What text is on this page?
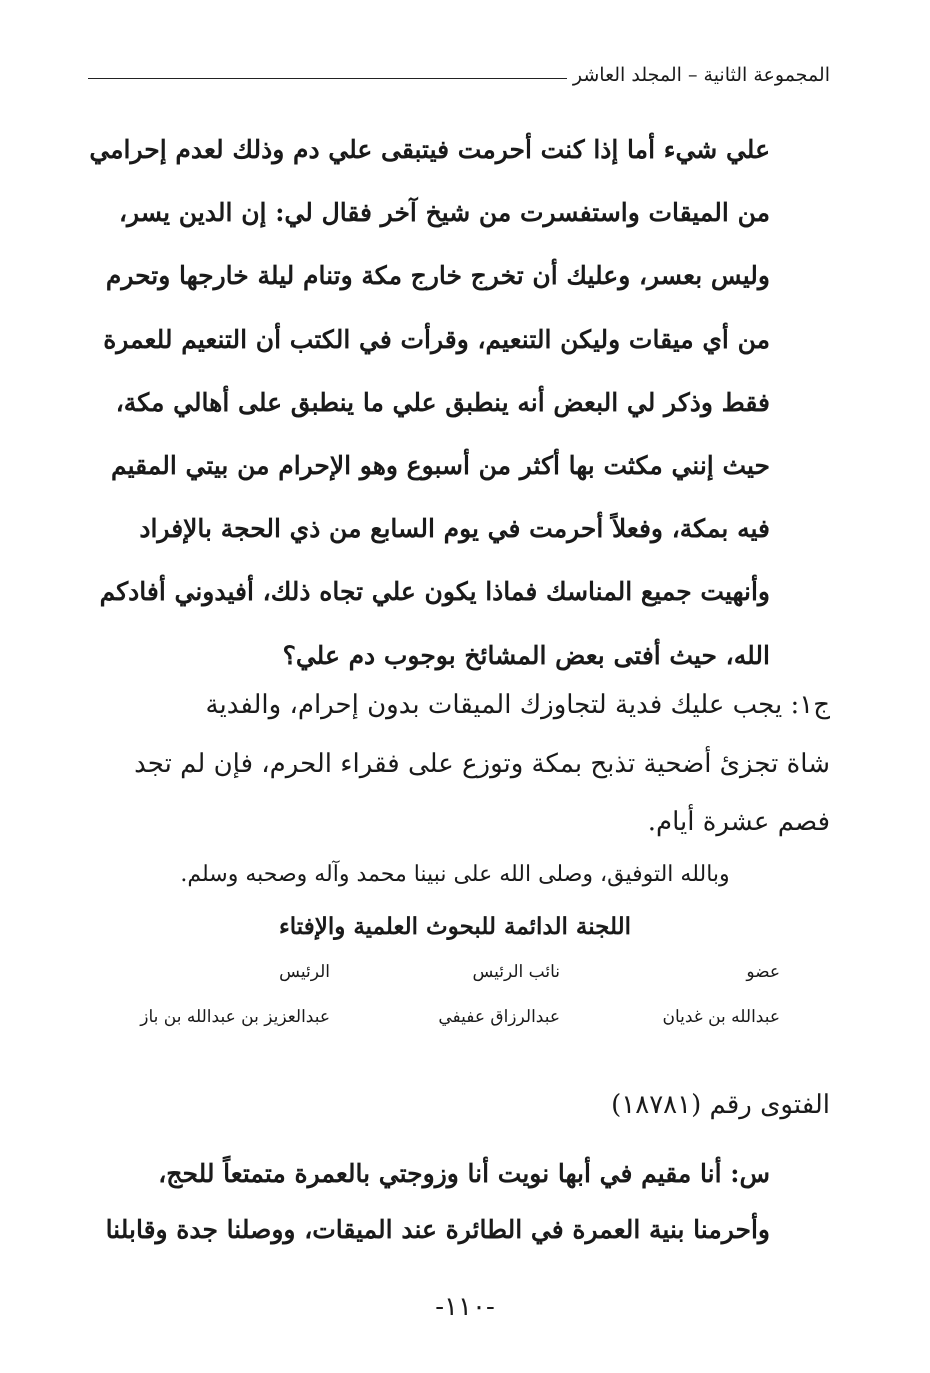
المجموعة الثانية – المجلد العاشر

علي شيء أما إذا كنت أحرمت فيتبقى علي دم وذلك لعدم إحرامي

من الميقات واستفسرت من شيخ آخر فقال لي: إن الدين يسر،

وليس بعسر، وعليك أن تخرج خارج مكة وتنام ليلة خارجها وتحرم

من أي ميقات وليكن التنعيم، وقرأت في الكتب أن التنعيم للعمرة

فقط وذكر لي البعض أنه ينطبق علي ما ينطبق على أهالي مكة،

حيث إنني مكثت بها أكثر من أسبوع وهو الإحرام من بيتي المقيم

فيه بمكة، وفعلاً أحرمت في يوم السابع من ذي الحجة بالإفراد

وأنهيت جميع المناسك فماذا يكون علي تجاه ذلك، أفيدوني أفادكم

الله، حيث أفتى بعض المشائخ بوجوب دم علي؟

ج١: يجب عليك فدية لتجاوزك الميقات بدون إحرام، والفدية

شاة تجزئ أضحية تذبح بمكة وتوزع على فقراء الحرم، فإن لم تجد

فصم عشرة أيام.

وبالله التوفيق، وصلى الله على نبينا محمد وآله وصحبه وسلم.
اللجنة الدائمة للبحوث العلمية والإفتاء
عضو
نائب الرئيس
الرئيس
عبدالله بن غديان
عبدالرزاق عفيفي
عبدالعزيز بن عبدالله بن باز
الفتوى رقم (١٨٧٨١)

س: أنا مقيم في أبها نويت أنا وزوجتي بالعمرة متمتعاً للحج،

وأحرمنا بنية العمرة في الطائرة عند الميقات، ووصلنا جدة وقابلنا

-١١٠-
